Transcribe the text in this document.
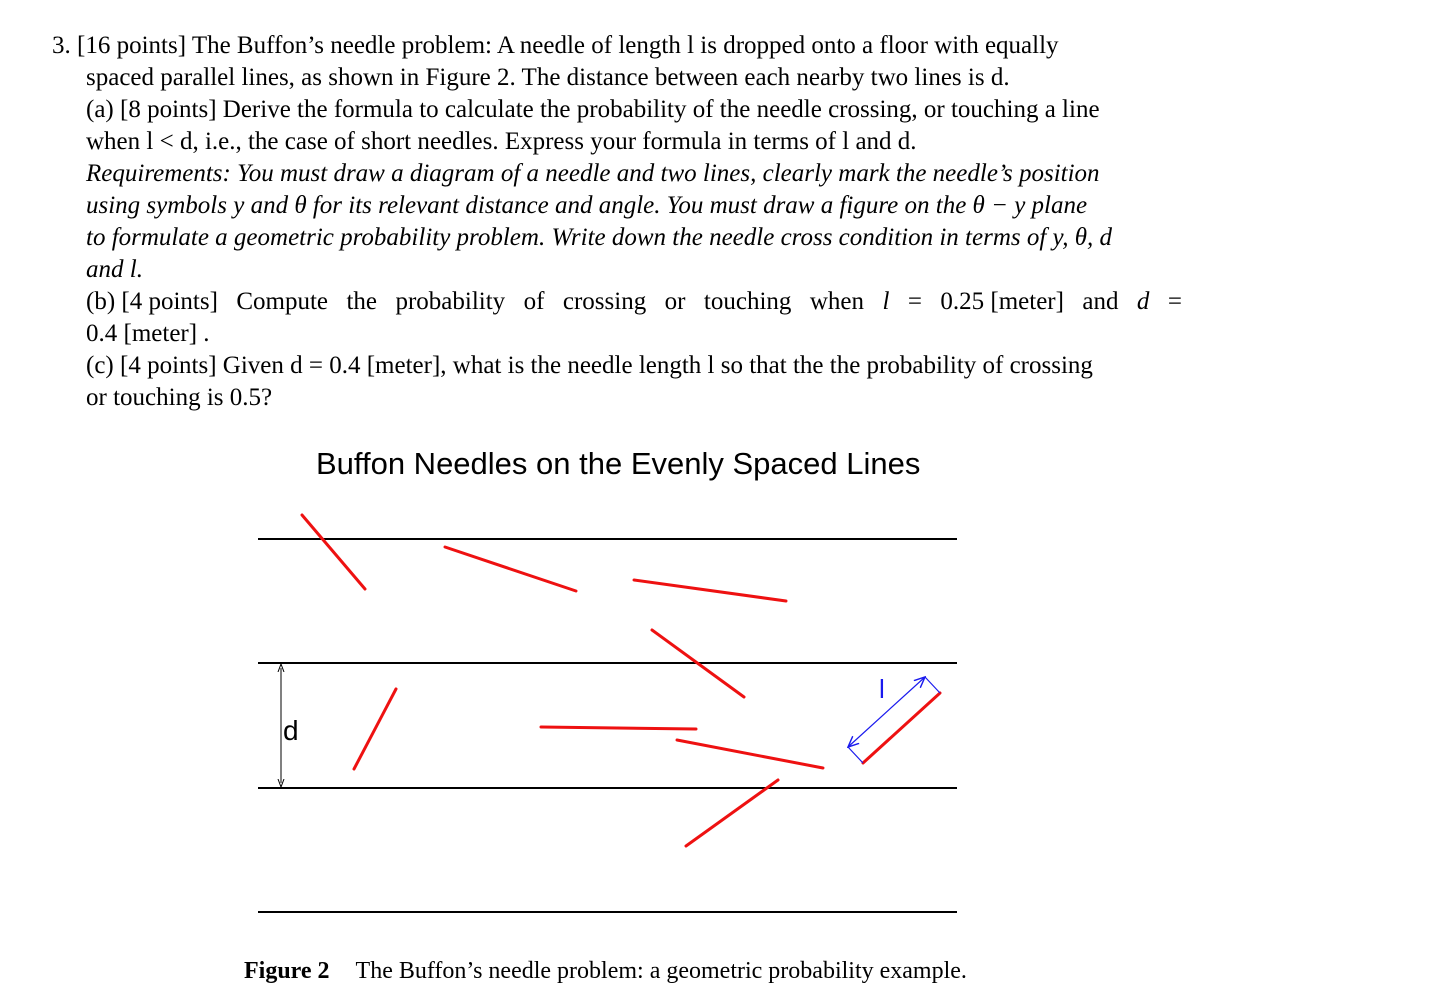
3. [16 points] The Buffon’s needle problem: A needle of length l is dropped onto a floor with equally
spaced parallel lines, as shown in Figure 2. The distance between each nearby two lines is d.
(a) [8 points] Derive the formula to calculate the probability of the needle crossing, or touching a line
when l < d, i.e., the case of short needles. Express your formula in terms of l and d.
Requirements: You must draw a diagram of a needle and two lines, clearly mark the needle’s position
using symbols y and θ for its relevant distance and angle. You must draw a figure on the θ − y plane
to formulate a geometric probability problem. Write down the needle cross condition in terms of y, θ, d
and l.
(b) [4 points] Compute the probability of crossing or touching when l = 0.25 [meter] and d =
0.4 [meter] .
(c) [4 points] Given d = 0.4 [meter], what is the needle length l so that the the probability of crossing
or touching is 0.5?
Buffon Needles on the Evenly Spaced Lines
d
l
Figure 2 The Buffon’s needle problem: a geometric probability example.
